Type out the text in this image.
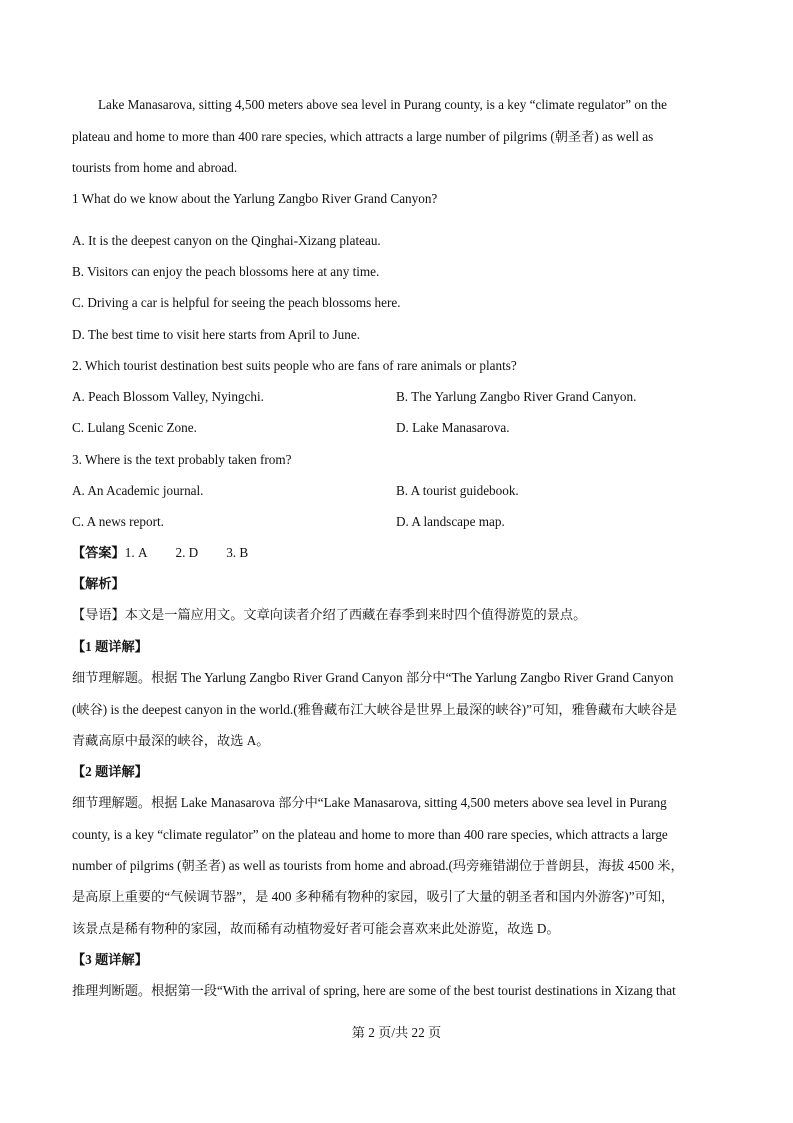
Lake Manasarova, sitting 4,500 meters above sea level in Purang county, is a key “climate regulator” on the
plateau and home to more than 400 rare species, which attracts a large number of pilgrims (朝圣者) as well as
tourists from home and abroad.
1 What do we know about the Yarlung Zangbo River Grand Canyon?
A. It is the deepest canyon on the Qinghai-Xizang plateau.
B. Visitors can enjoy the peach blossoms here at any time.
C. Driving a car is helpful for seeing the peach blossoms here.
D. The best time to visit here starts from April to June.
2. Which tourist destination best suits people who are fans of rare animals or plants?
A. Peach Blossom Valley, Nyingchi.	B. The Yarlung Zangbo River Grand Canyon.
C. Lulang Scenic Zone.	D. Lake Manasarova.
3. Where is the text probably taken from?
A. An Academic journal.	B. A tourist guidebook.
C. A news report.	D. A landscape map.
【答案】1. A 2. D 3. B
【解析】
【导语】本文是一篇应用文。文章向读者介绍了西藏在春季到来时四个值得游览的景点。
【1 题详解】
细节理解题。根据 The Yarlung Zangbo River Grand Canyon 部分中“The Yarlung Zangbo River Grand Canyon
(峡谷) is the deepest canyon in the world.(雅鲁藏布江大峡谷是世界上最深的峡谷)”可知，雅鲁藏布大峡谷是
青藏高原中最深的峡谷，故选 A。
【2 题详解】
细节理解题。根据 Lake Manasarova 部分中“Lake Manasarova, sitting 4,500 meters above sea level in Purang
county, is a key “climate regulator” on the plateau and home to more than 400 rare species, which attracts a large
number of pilgrims (朝圣者) as well as tourists from home and abroad.(玛旁雍错湖位于普朗县，海拔 4500 米，
是高原上重要的“气候调节器”，是 400 多种稀有物种的家园，吸引了大量的朝圣者和国内外游客)”可知，
该景点是稀有物种的家园，故而稀有动植物爱好者可能会喜欢来此处游览，故选 D。
【3 题详解】
推理判断题。根据第一段“With the arrival of spring, here are some of the best tourist destinations in Xizang that
第 2 页/共 22 页
